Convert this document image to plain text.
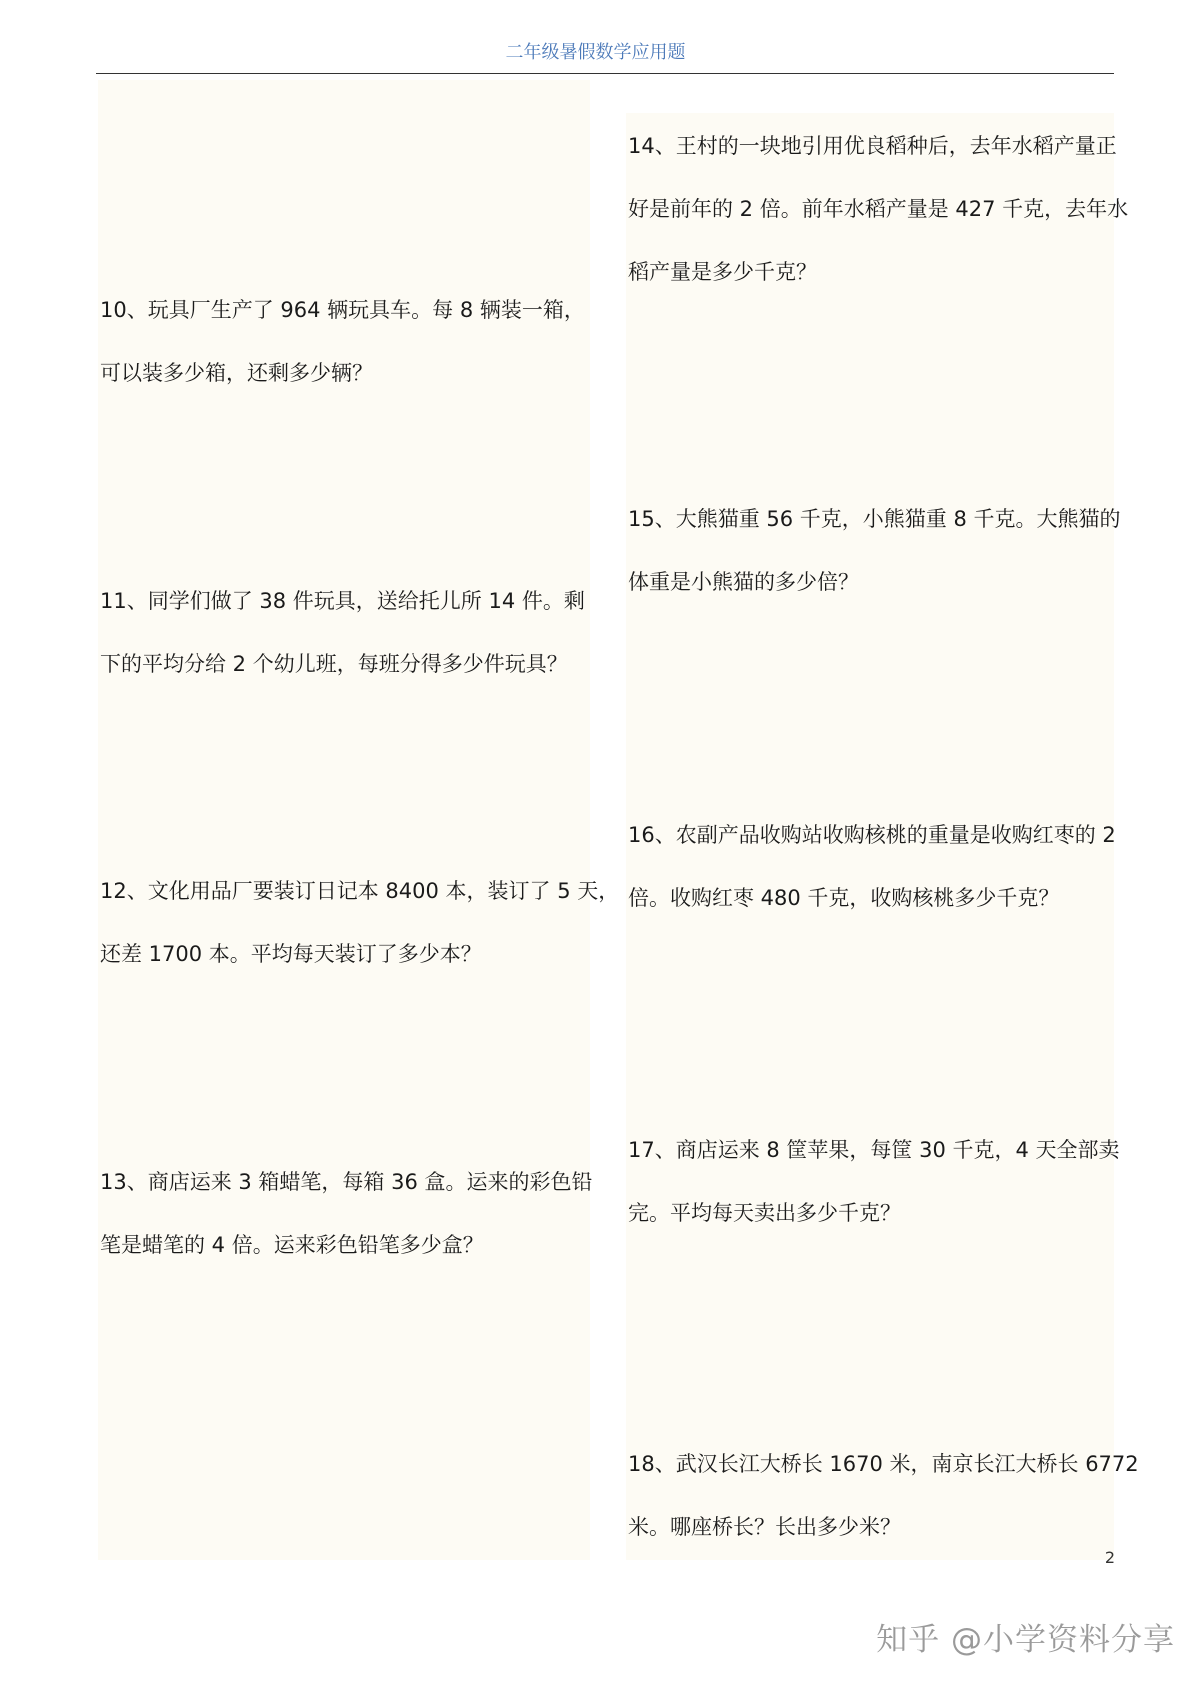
二年级暑假数学应用题
10、玩具厂生产了 964 辆玩具车。每 8 辆装一箱，
可以装多少箱，还剩多少辆？
11、同学们做了 38 件玩具，送给托儿所 14 件。剩
下的平均分给 2 个幼儿班，每班分得多少件玩具？
12、文化用品厂要装订日记本 8400 本，装订了 5 天，
还差 1700 本。平均每天装订了多少本？
13、商店运来 3 箱蜡笔，每箱 36 盒。运来的彩色铅
笔是蜡笔的 4 倍。运来彩色铅笔多少盒？
14、王村的一块地引用优良稻种后，去年水稻产量正
好是前年的 2 倍。前年水稻产量是 427 千克，去年水
稻产量是多少千克？
15、大熊猫重 56 千克，小熊猫重 8 千克。大熊猫的
体重是小熊猫的多少倍？
16、农副产品收购站收购核桃的重量是收购红枣的 2
倍。收购红枣 480 千克，收购核桃多少千克？
17、商店运来 8 筐苹果，每筐 30 千克，4 天全部卖
完。平均每天卖出多少千克？
18、武汉长江大桥长 1670 米，南京长江大桥长 6772
米。哪座桥长？长出多少米？
2
知乎 @小学资料分享
